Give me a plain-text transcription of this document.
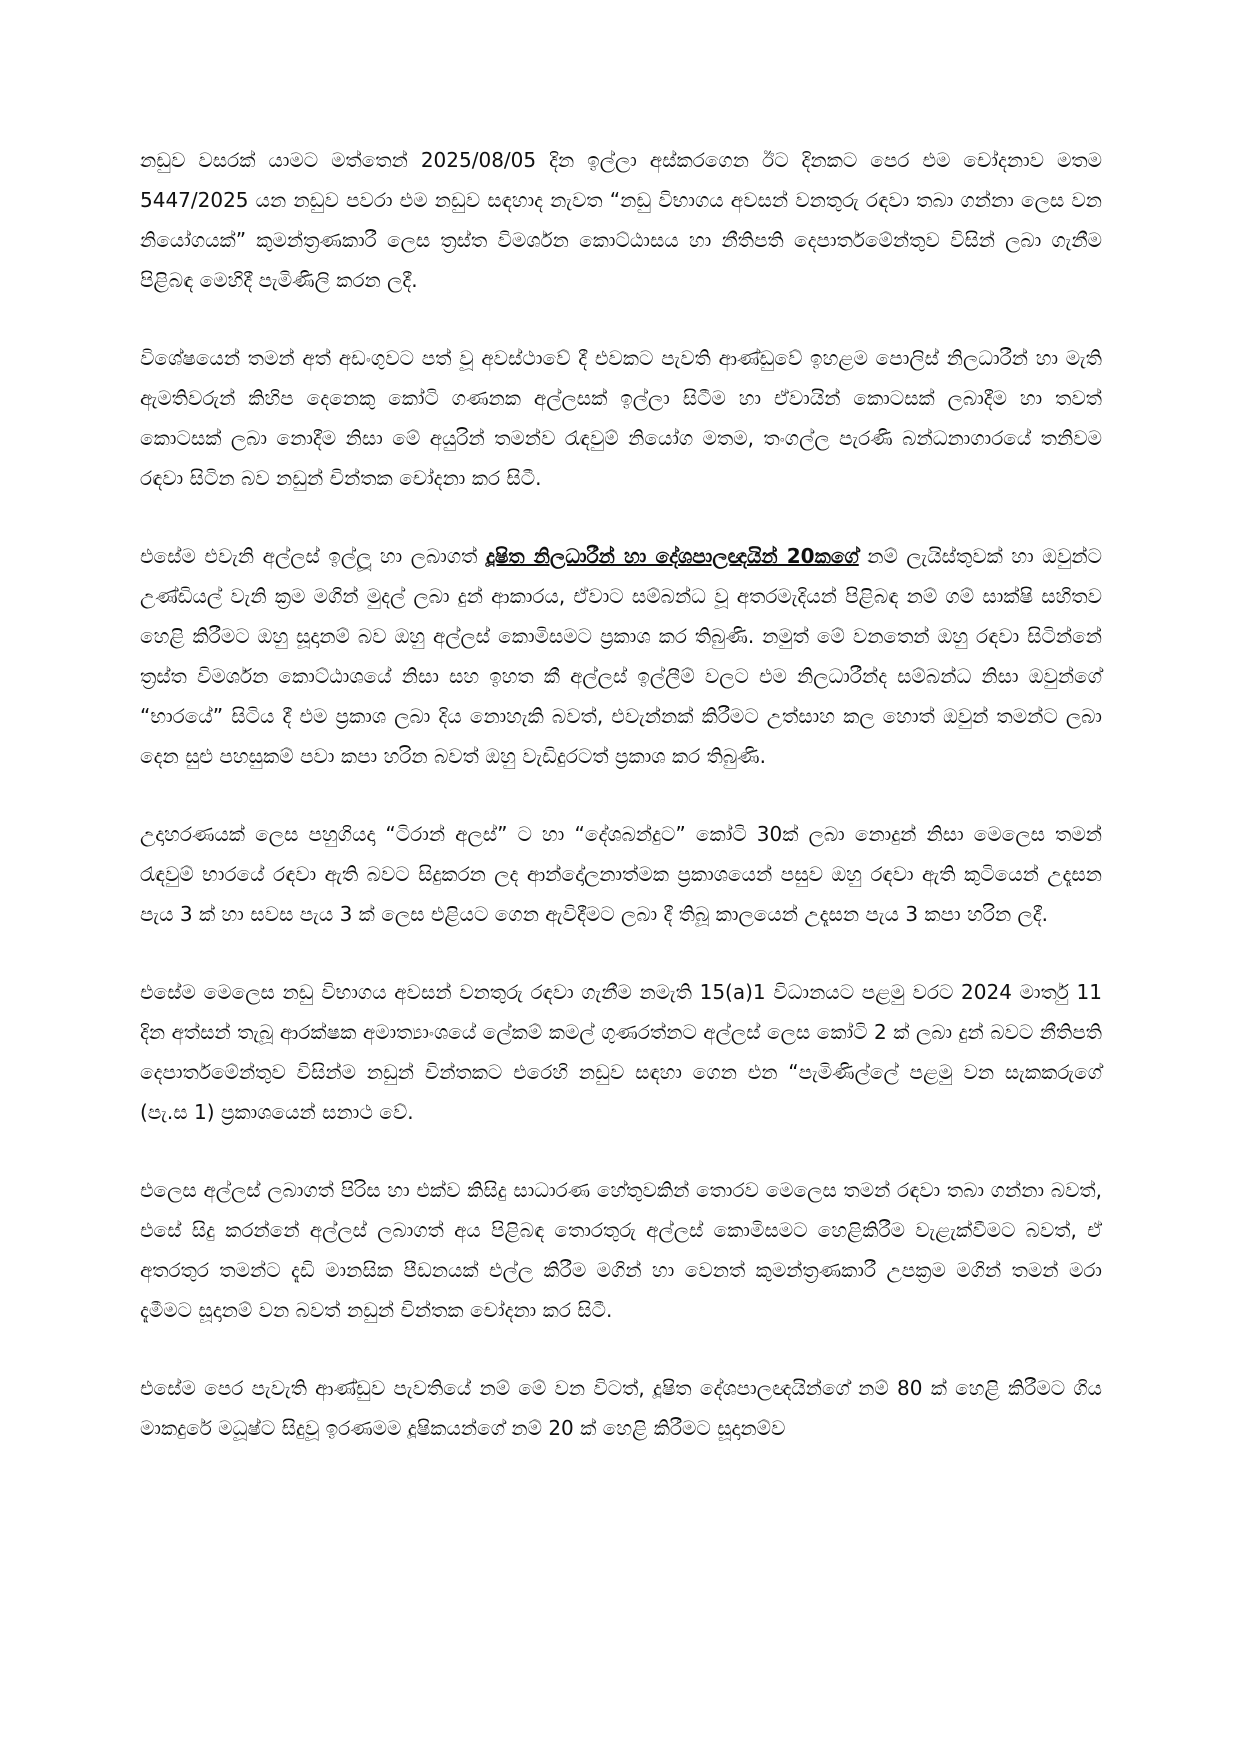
නඩුව වසරක් යාමට මත්තෙන් 2025/08/05 දින ඉල්ලා අස්කරගෙන ඊට දිනකට පෙර එම චෝදනාව මතම 5447/2025 යන නඩුව පවරා එම නඩුව සඳහාද නැවත “නඩු විභාගය අවසන් වනතුරු රඳවා තබා ගන්නා ලෙස වන නියෝගයක්” කුමන්ත්‍රණකාරී ලෙස ත්‍රස්ත විමර්ශන කොට්ඨාසය හා නීතිපති දෙපාර්තමේන්තුව විසින් ලබා ගැනීම පිළිබඳ මෙහිදී පැමිණිලි කරන ලදී.

විශේෂයෙන් තමන් අත් අඩංගුවට පත් වූ අවස්ථාවේ දී එවකට පැවති ආණ්ඩුවේ ඉහළම පොලිස් නිලධාරීන් හා මැති ඇමතිවරුන් කිහිප දෙනෙකු කෝටි ගණනක අල්ලසක් ඉල්ලා සිටීම හා ඒවායින් කොටසක් ලබාදීම හා තවත් කොටසක් ලබා නොදීම නිසා මේ අයුරින් තමන්ව රැඳවුම් නියෝග මතම, තංගල්ල පැරණි බන්ධනාගාරයේ තනිවම රඳවා සිටින බව නඩුන් චින්තක චෝදනා කර සිටී.

එසේම එවැනි අල්ලස් ඉල්ලූ හා ලබාගත් දූෂිත නිලධාරීන් හා දේශපාලඥයින් 20කගේ නම් ලැයිස්තුවක් හා ඔවුන්ට උණ්ඩියල් වැනි ක්‍රම මගින් මුදල් ලබා දුන් ආකාරය, ඒවාට සම්බන්ධ වූ අතරමැදියන් පිළිබඳ නම් ගම් සාක්ෂි සහිතව හෙළි කිරීමට ඔහු සූදානම් බව ඔහු අල්ලස් කොමිසමට ප්‍රකාශ කර තිබුණි. නමුත් මේ වනතෙන් ඔහු රඳවා සිටින්නේ ත්‍රස්ත විමර්ශන කොට්ඨාශයේ නිසා සහ ඉහත කී අල්ලස් ඉල්ලීම් වලට එම නිලධාරීන්ද සම්බන්ධ නිසා ඔවුන්ගේ “භාරයේ” සිටිය දී එම ප්‍රකාශ ලබා දිය නොහැකි බවත්, එවැන්නක් කිරීමට උත්සාහ කල හොත් ඔවුන් තමන්ට ලබා දෙන සුළු පහසුකම් පවා කපා හරින බවත් ඔහු වැඩිදුරටත් ප්‍රකාශ කර තිබුණි.

උදාහරණයක් ලෙස පහුගියදා “ටිරාන් අලස්” ට හා “දේශබන්දුට” කෝටි 30ක් ලබා නොදුන් නිසා මෙලෙස තමන් රැඳවුම් භාරයේ රඳවා ඇති බවට සිදුකරන ලද ආන්දෝලනාත්මක ප්‍රකාශයෙන් පසුව ඔහු රඳවා ඇති කුටියෙන් උදෑසන පැය 3 ක් හා සවස පැය 3 ක් ලෙස එළියට ගෙන ඇවිදීමට ලබා දී තිබූ කාලයෙන් උදෑසන පැය 3 කපා හරින ලදී.

එසේම මෙලෙස නඩු විභාගය අවසන් වනතුරු රඳවා ගැනීම නමැති 15(a)1 විධානයට පළමු වරට 2024 මාර්තු 11 දින අත්සන් තැබූ ආරක්ෂක අමාත්‍යාංශයේ ලේකම් කමල් ගුණරත්නට අල්ලස් ලෙස කෝටි 2 ක් ලබා දුන් බවට නීතිපති දෙපාර්තමේන්තුව විසින්ම නඩුන් චින්තකට එරෙහි නඩුව සඳහා ගෙන එන “පැමිණිල්ලේ පළමු වන සැකකරුගේ (පැ.ස 1) ප්‍රකාශයෙන් සනාථ වේ.

එලෙස අල්ලස් ලබාගත් පිරිස හා එක්ව කිසිදු සාධාරණ හේතුවකින් තොරව මෙලෙස තමන් රඳවා තබා ගන්නා බවත්, එසේ සිදු කරන්නේ අල්ලස් ලබාගත් අය පිළිබඳ තොරතුරු අල්ලස් කොමිසමට හෙළිකිරීම වැළැක්වීමට බවත්, ඒ අතරතුර තමන්ට දැඩි මානසික පීඩනයක් එල්ල කිරීම මගින් හා වෙනත් කුමන්ත්‍රණකාරී උපක්‍රම මගින් තමන් මරා දැමීමට සූදානම් වන බවත් නඩුන් චින්තක චෝදනා කර සිටී.

එසේම පෙර පැවැති ආණ්ඩුව පැවතියේ නම් මේ වන විටත්, දූෂිත දේශපාලඥයින්ගේ නම් 80 ක් හෙළි කිරීමට ගිය මාකදුරේ මධූෂ්ට සිදුවූ ඉරණමම දූෂිකයන්ගේ නම් 20 ක් හෙළි කිරීමට සූදානම්ව
